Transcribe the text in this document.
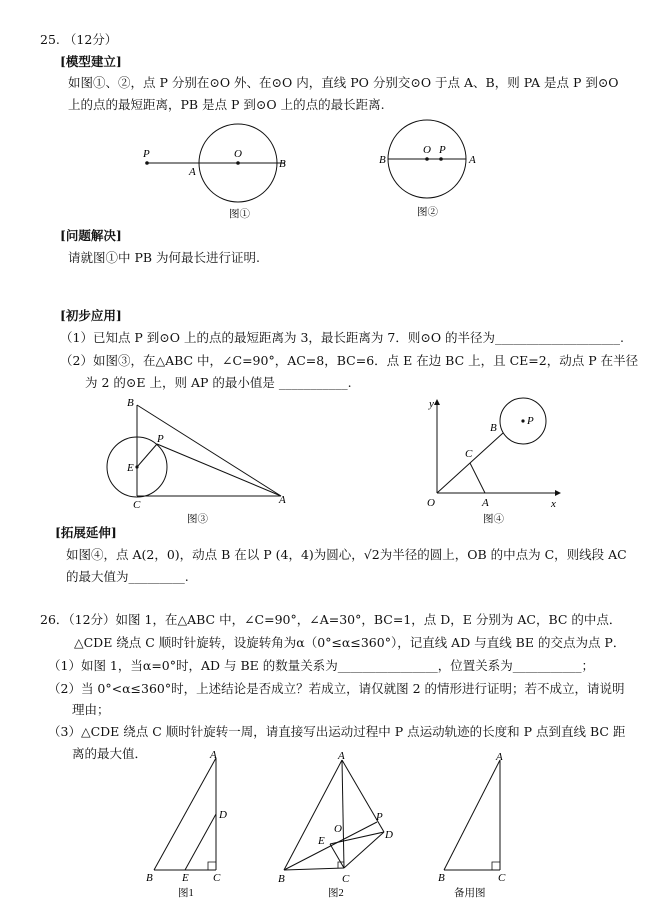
25. （12分）
[模型建立]
如图①、②，点 P 分别在⊙O 外、在⊙O 内，直线 PO 分别交⊙O 于点 A、B，则 PA 是点 P 到⊙O
上的点的最短距离，PB 是点 P 到⊙O 上的点的最长距离.
P
A
O
B
图①
B
O P
A
图②
[问题解决]
请就图①中 PB 为何最长进行证明.
[初步应用]
（1）已知点 P 到⊙O 上的点的最短距离为 3，最长距离为 7．则⊙O 的半径为____________________.
（2）如图③，在△ABC 中，∠C=90°，AC=8，BC=6．点 E 在边 BC 上，且 CE=2，动点 P 在半径
为 2 的⊙E 上，则 AP 的最小值是 ___________.
B
P
E
C	A
图③
y
x
O	A
B
C
P
图④
[拓展延伸]
如图④，点 A(2，0)，动点 B 在以 P (4，4)为圆心，√2为半径的圆上，OB 的中点为 C，则线段 AC
的最大值为_________.
26．（12分）如图 1，在△ABC 中，∠C=90°，∠A=30°，BC=1，点 D，E 分别为 AC，BC 的中点．
△CDE 绕点 C 顺时针旋转，设旋转角为α（0°≤α≤360°），记直线 AD 与直线 BE 的交点为点 P．
（1）如图 1，当α=0°时，AD 与 BE 的数量关系为________________，位置关系为___________；
（2）当 0°<α≤360°时，上述结论是否成立？若成立，请仅就图 2 的情形进行证明；若不成立，请说明
理由；
（3）△CDE 绕点 C 顺时针旋转一周，请直接写出运动过程中 P 点运动轨迹的长度和 P 点到直线 BC 距
离的最大值．	A
D
B	E C
图1
A
P
O	D
E
B	C
图2
A
B	C
备用图
